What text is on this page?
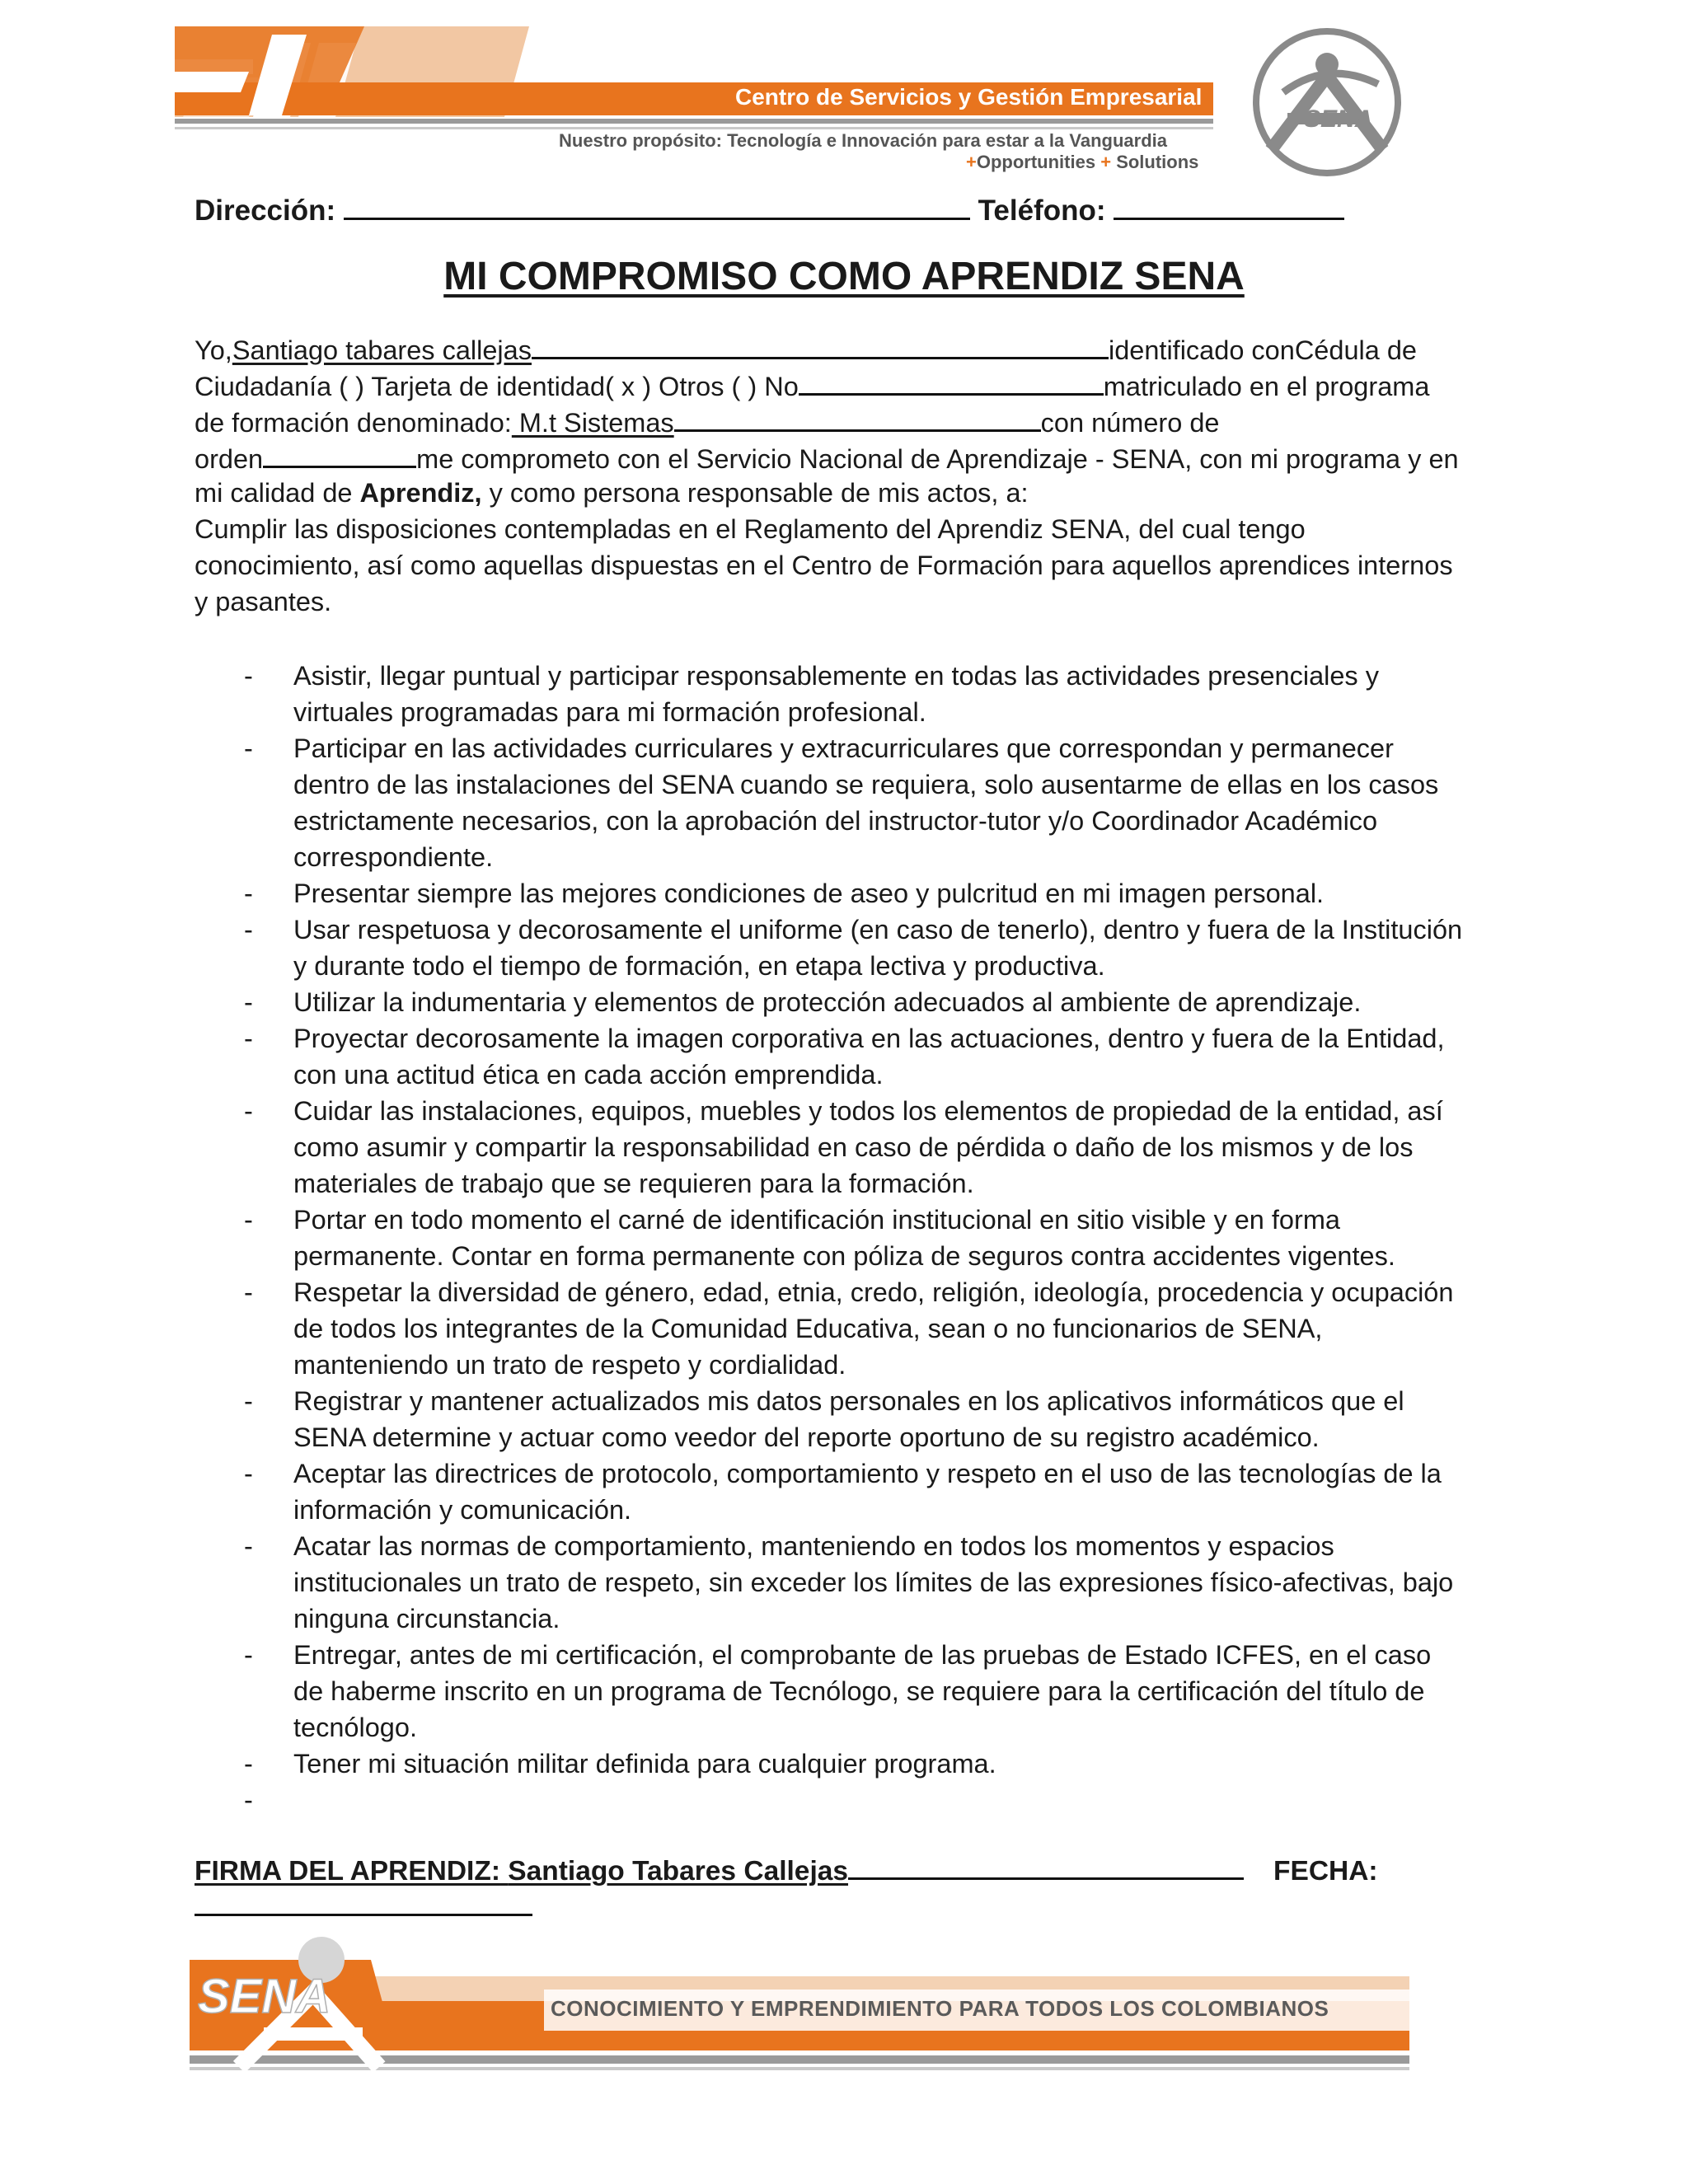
SENA
Centro de Servicios y Gestión Empresarial
Nuestro propósito: Tecnología e Innovación para estar a la Vanguardia
+Opportunities + Solutions
Dirección:	Teléfono:
MI COMPROMISO COMO APRENDIZ SENA
Yo,Santiago tabares callejas	identificado conCédula de
Ciudadanía ( ) Tarjeta de identidad( x ) Otros ( ) No	matriculado en el programa
de formación denominado: M.t Sistemas	con número de
orden	me comprometo con el Servicio Nacional de Aprendizaje - SENA, con mi programa y en
mi calidad de Aprendiz, y como persona responsable de mis actos, a:
Cumplir las disposiciones contempladas en el Reglamento del Aprendiz SENA, del cual tengo
conocimiento, así como aquellas dispuestas en el Centro de Formación para aquellos aprendices internos
y pasantes.
- Asistir, llegar puntual y participar responsablemente en todas las actividades presenciales y
virtuales programadas para mi formación profesional.
- Participar en las actividades curriculares y extracurriculares que correspondan y permanecer
dentro de las instalaciones del SENA cuando se requiera, solo ausentarme de ellas en los casos
estrictamente necesarios, con la aprobación del instructor-tutor y/o Coordinador Académico
correspondiente.
- Presentar siempre las mejores condiciones de aseo y pulcritud en mi imagen personal.
- Usar respetuosa y decorosamente el uniforme (en caso de tenerlo), dentro y fuera de la Institución
y durante todo el tiempo de formación, en etapa lectiva y productiva.
- Utilizar la indumentaria y elementos de protección adecuados al ambiente de aprendizaje.
- Proyectar decorosamente la imagen corporativa en las actuaciones, dentro y fuera de la Entidad,
con una actitud ética en cada acción emprendida.
- Cuidar las instalaciones, equipos, muebles y todos los elementos de propiedad de la entidad, así
como asumir y compartir la responsabilidad en caso de pérdida o daño de los mismos y de los
materiales de trabajo que se requieren para la formación.
- Portar en todo momento el carné de identificación institucional en sitio visible y en forma
permanente. Contar en forma permanente con póliza de seguros contra accidentes vigentes.
- Respetar la diversidad de género, edad, etnia, credo, religión, ideología, procedencia y ocupación
de todos los integrantes de la Comunidad Educativa, sean o no funcionarios de SENA,
manteniendo un trato de respeto y cordialidad.
- Registrar y mantener actualizados mis datos personales en los aplicativos informáticos que el
SENA determine y actuar como veedor del reporte oportuno de su registro académico.
- Aceptar las directrices de protocolo, comportamiento y respeto en el uso de las tecnologías de la
información y comunicación.
- Acatar las normas de comportamiento, manteniendo en todos los momentos y espacios
institucionales un trato de respeto, sin exceder los límites de las expresiones físico-afectivas, bajo
ninguna circunstancia.
- Entregar, antes de mi certificación, el comprobante de las pruebas de Estado ICFES, en el caso
de haberme inscrito en un programa de Tecnólogo, se requiere para la certificación del título de
tecnólogo.
- Tener mi situación militar definida para cualquier programa.
-
FIRMA DEL APRENDIZ: Santiago Tabares Callejas	FECHA:
SENA	CONOCIMIENTO Y EMPRENDIMIENTO PARA TODOS LOS COLOMBIANOS
